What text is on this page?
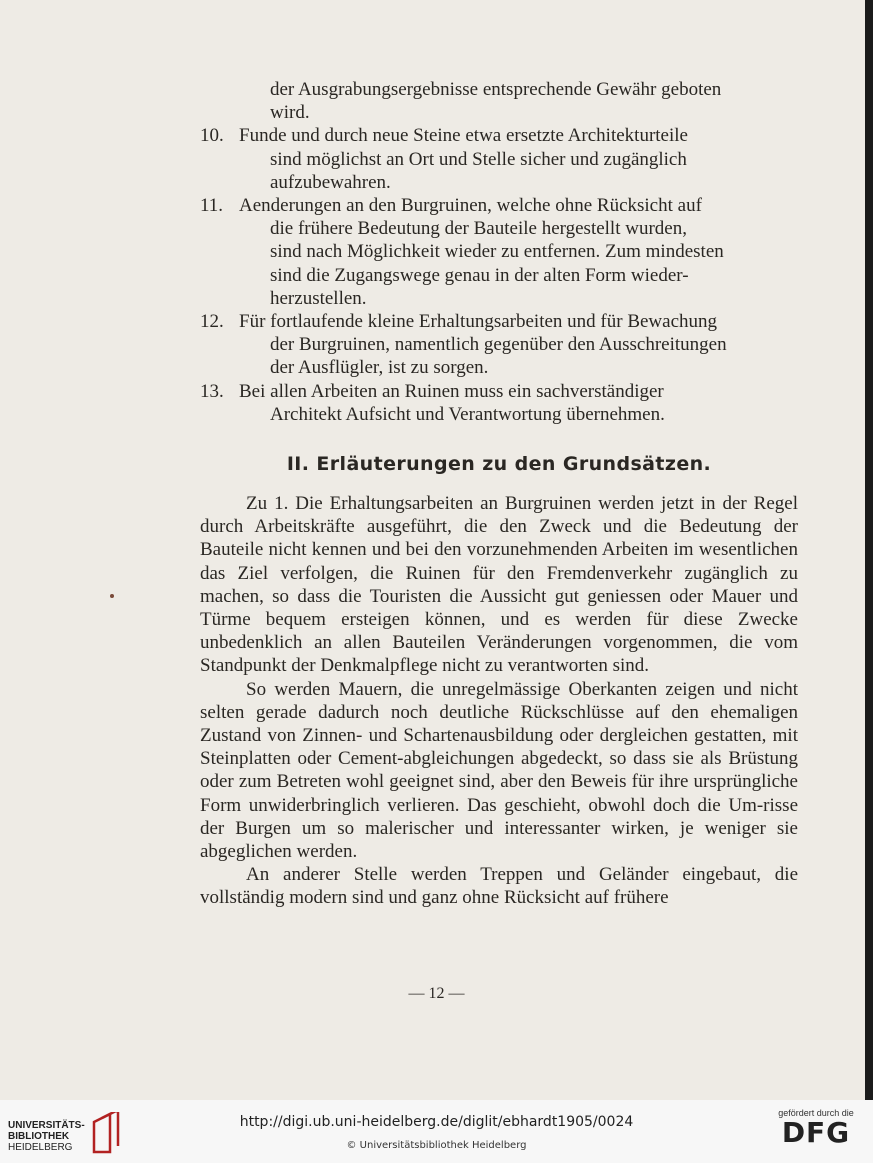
der Ausgrabungsergebnisse entsprechende Gewähr geboten
wird.
10. Funde und durch neue Steine etwa ersetzte Architekturteile
sind möglichst an Ort und Stelle sicher und zugänglich
aufzubewahren.
11. Aenderungen an den Burgruinen, welche ohne Rücksicht auf
die frühere Bedeutung der Bauteile hergestellt wurden,
sind nach Möglichkeit wieder zu entfernen. Zum mindesten
sind die Zugangswege genau in der alten Form wieder-
herzustellen.
12. Für fortlaufende kleine Erhaltungsarbeiten und für Bewachung
der Burgruinen, namentlich gegenüber den Ausschreitungen
der Ausflügler, ist zu sorgen.
13. Bei allen Arbeiten an Ruinen muss ein sachverständiger
Architekt Aufsicht und Verantwortung übernehmen.
II. Erläuterungen zu den Grundsätzen.

Zu 1. Die Erhaltungsarbeiten an Burgruinen werden jetzt in der Regel durch Arbeitskräfte ausgeführt, die den Zweck und die Bedeutung der Bauteile nicht kennen und bei den vorzunehmenden Arbeiten im wesentlichen das Ziel verfolgen, die Ruinen für den Fremdenverkehr zugänglich zu machen, so dass die Touristen die Aussicht gut geniessen oder Mauer und Türme bequem ersteigen können, und es werden für diese Zwecke unbedenklich an allen Bauteilen Veränderungen vorgenommen, die vom Standpunkt der Denkmalpflege nicht zu verantworten sind.

So werden Mauern, die unregelmässige Oberkanten zeigen und nicht selten gerade dadurch noch deutliche Rückschlüsse auf den ehemaligen Zustand von Zinnen- und Schartenausbildung oder dergleichen gestatten, mit Steinplatten oder Cement-abgleichungen abgedeckt, so dass sie als Brüstung oder zum Betreten wohl geeignet sind, aber den Beweis für ihre ursprüngliche Form unwiderbringlich verlieren. Das geschieht, obwohl doch die Um-risse der Burgen um so malerischer und interessanter wirken, je weniger sie abgeglichen werden.

An anderer Stelle werden Treppen und Geländer eingebaut, die vollständig modern sind und ganz ohne Rücksicht auf frühere

— 12 —
UNIVERSITÄTS-
BIBLIOTHEK
HEIDELBERG
http://digi.ub.uni-heidelberg.de/diglit/ebhardt1905/0024
© Universitätsbibliothek Heidelberg
gefördert durch die
DFG
